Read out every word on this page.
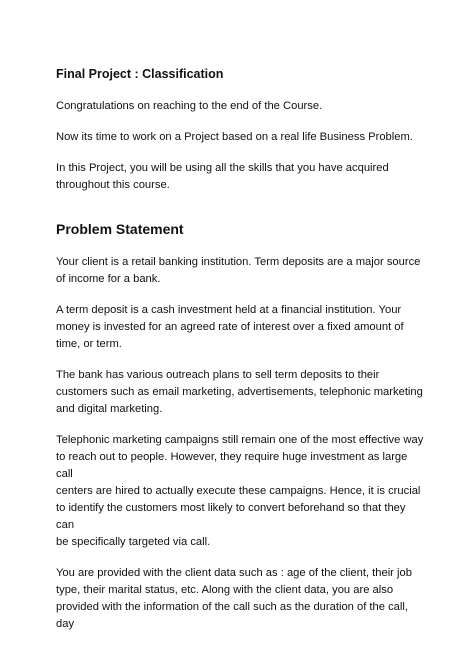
Final Project : Classification
Congratulations on reaching to the end of the Course.
Now its time to work on a Project based on a real life Business Problem.
In this Project, you will be using all the skills that you have acquired
throughout this course.
Problem Statement
Your client is a retail banking institution. Term deposits are a major source
of income for a bank.
A term deposit is a cash investment held at a financial institution. Your
money is invested for an agreed rate of interest over a fixed amount of
time, or term.
The bank has various outreach plans to sell term deposits to their
customers such as email marketing, advertisements, telephonic marketing
and digital marketing.
Telephonic marketing campaigns still remain one of the most effective way
to reach out to people. However, they require huge investment as large call
centers are hired to actually execute these campaigns. Hence, it is crucial
to identify the customers most likely to convert beforehand so that they can
be specifically targeted via call.
You are provided with the client data such as : age of the client, their job
type, their marital status, etc. Along with the client data, you are also
provided with the information of the call such as the duration of the call, day
